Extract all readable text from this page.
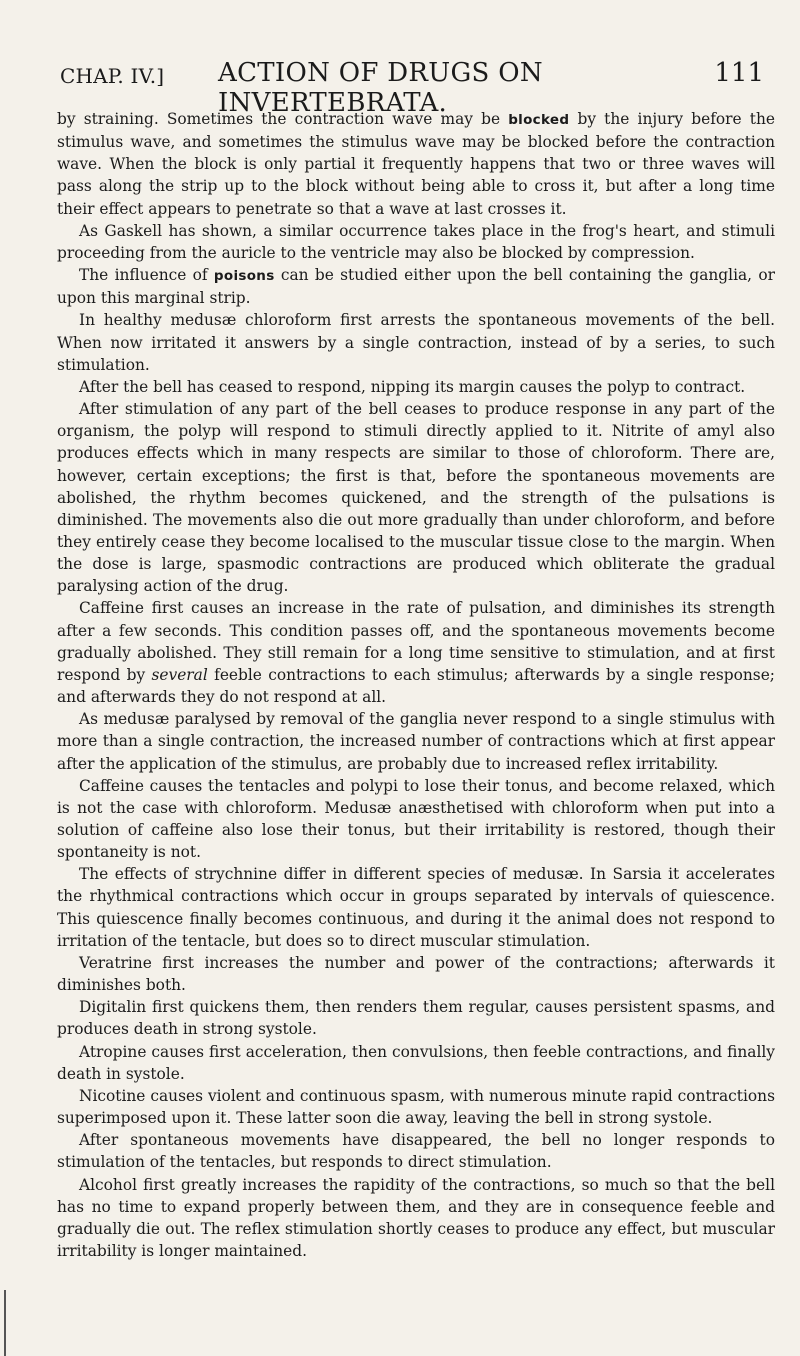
CHAP. IV.] ACTION OF DRUGS ON INVERTEBRATA.
111

by straining. Sometimes the contraction wave may be blocked by the injury before the stimulus wave, and sometimes the stimulus wave may be blocked before the contraction wave. When the block is only partial it frequently happens that two or three waves will pass along the strip up to the block without being able to cross it, but after a long time their effect appears to penetrate so that a wave at last crosses it.

As Gaskell has shown, a similar occurrence takes place in the frog's heart, and stimuli proceeding from the auricle to the ventricle may also be blocked by compression.

The influence of poisons can be studied either upon the bell containing the ganglia, or upon this marginal strip.

In healthy medusæ chloroform first arrests the spontaneous movements of the bell. When now irritated it answers by a single contraction, instead of by a series, to such stimulation.

After the bell has ceased to respond, nipping its margin causes the polyp to contract.

After stimulation of any part of the bell ceases to produce response in any part of the organism, the polyp will respond to stimuli directly applied to it. Nitrite of amyl also produces effects which in many respects are similar to those of chloroform. There are, however, certain exceptions; the first is that, before the spontaneous movements are abolished, the rhythm becomes quickened, and the strength of the pulsations is diminished. The movements also die out more gradually than under chloroform, and before they entirely cease they become localised to the muscular tissue close to the margin. When the dose is large, spasmodic contractions are produced which obliterate the gradual paralysing action of the drug.

Caffeine first causes an increase in the rate of pulsation, and diminishes its strength after a few seconds. This condition passes off, and the spontaneous movements become gradually abolished. They still remain for a long time sensitive to stimulation, and at first respond by several feeble contractions to each stimulus; afterwards by a single response; and afterwards they do not respond at all.

As medusæ paralysed by removal of the ganglia never respond to a single stimulus with more than a single contraction, the increased number of contractions which at first appear after the application of the stimulus, are probably due to increased reflex irritability.

Caffeine causes the tentacles and polypi to lose their tonus, and become relaxed, which is not the case with chloroform. Medusæ anæsthetised with chloroform when put into a solution of caffeine also lose their tonus, but their irritability is restored, though their spontaneity is not.

The effects of strychnine differ in different species of medusæ. In Sarsia it accelerates the rhythmical contractions which occur in groups separated by intervals of quiescence. This quiescence finally becomes continuous, and during it the animal does not respond to irritation of the tentacle, but does so to direct muscular stimulation.

Veratrine first increases the number and power of the contractions; afterwards it diminishes both.

Digitalin first quickens them, then renders them regular, causes persistent spasms, and produces death in strong systole.

Atropine causes first acceleration, then convulsions, then feeble contractions, and finally death in systole.

Nicotine causes violent and continuous spasm, with numerous minute rapid contractions superimposed upon it. These latter soon die away, leaving the bell in strong systole.

After spontaneous movements have disappeared, the bell no longer responds to stimulation of the tentacles, but responds to direct stimulation.

Alcohol first greatly increases the rapidity of the contractions, so much so that the bell has no time to expand properly between them, and they are in consequence feeble and gradually die out. The reflex stimulation shortly ceases to produce any effect, but muscular irritability is longer maintained.
